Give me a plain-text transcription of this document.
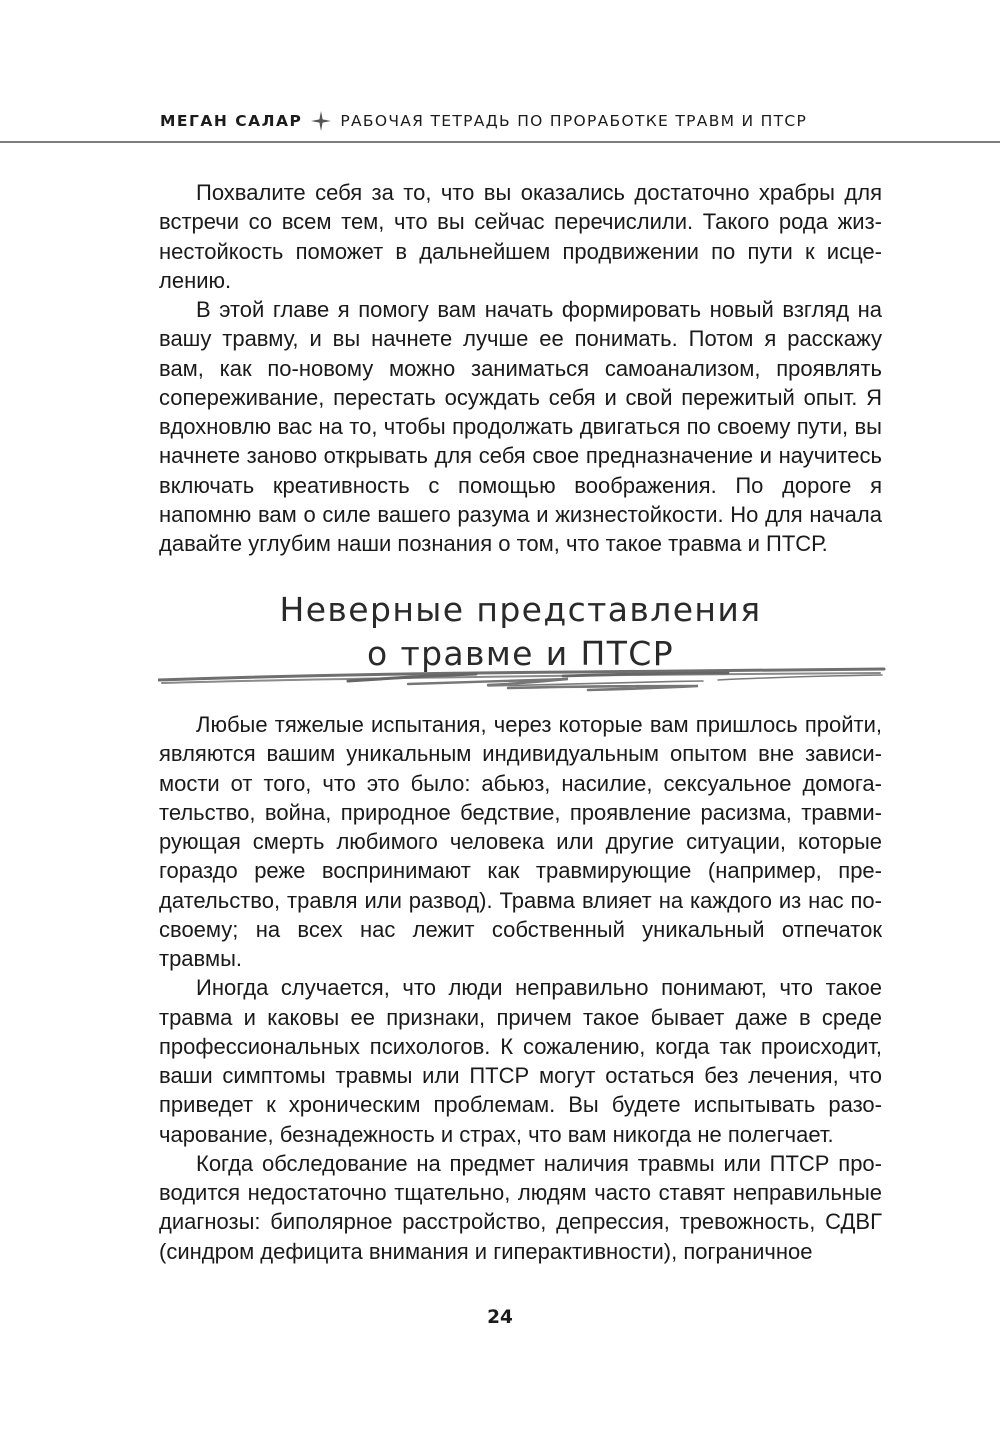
МЕГАН САЛАР РАБОЧАЯ ТЕТРАДЬ ПО ПРОРАБОТКЕ ТРАВМ И ПТСР

Похвалите себя за то, что вы оказались достаточно храбры для встречи со всем тем, что вы сейчас перечислили. Такого рода жизнестойкость поможет в дальнейшем продвижении по пути к исцелению.

В этой главе я помогу вам начать формировать новый взгляд на вашу травму, и вы начнете лучше ее понимать. Потом я расскажу вам, как по-новому можно заниматься самоанализом, проявлять сопереживание, перестать осуждать себя и свой пережитый опыт. Я вдохновлю вас на то, чтобы продолжать двигаться по своему пути, вы начнете заново открывать для себя свое предназначение и научитесь включать креативность с помощью воображения. По дороге я напомню вам о силе вашего разума и жизнестойкости. Но для начала давайте углубим наши познания о том, что такое травма и ПТСР.

Неверные представления
о травме и ПТСР

Любые тяжелые испытания, через которые вам пришлось пройти, являются вашим уникальным индивидуальным опытом вне зависимости от того, что это было: абьюз, насилие, сексуальное домогательство, война, природное бедствие, проявление расизма, травмирующая смерть любимого человека или другие ситуации, которые гораздо реже воспринимают как травмирующие (например, предательство, травля или развод). Травма влияет на каждого из нас по-своему; на всех нас лежит собственный уникальный отпечаток травмы.

Иногда случается, что люди неправильно понимают, что такое травма и каковы ее признаки, причем такое бывает даже в среде профессиональных психологов. К сожалению, когда так происходит, ваши симптомы травмы или ПТСР могут остаться без лечения, что приведет к хроническим проблемам. Вы будете испытывать разочарование, безнадежность и страх, что вам никогда не полегчает.

Когда обследование на предмет наличия травмы или ПТСР проводится недостаточно тщательно, людям часто ставят неправильные диагнозы: биполярное расстройство, депрессия, тревожность, СДВГ (синдром дефицита внимания и гиперактивности), пограничное

24
